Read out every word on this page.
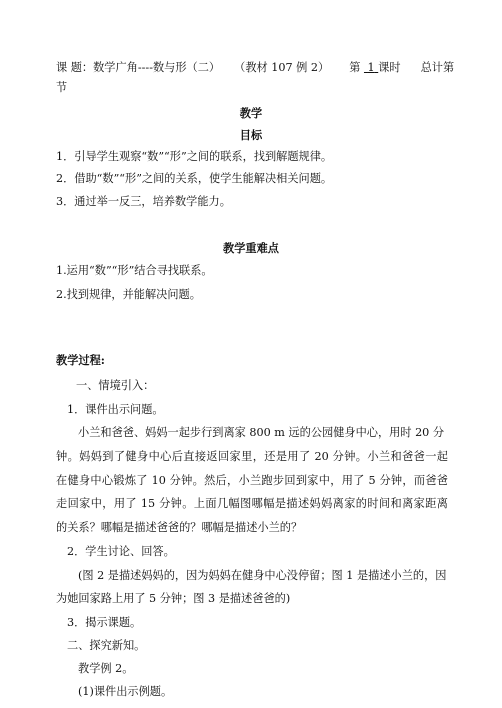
课 题：数学广角----数与形（二） （教材 107 例 2） 第 1 课时 总计第
节
教学
目标
1．引导学生观察“数”“形”之间的联系，找到解题规律。
2．借助“数”“形”之间的关系，使学生能解决相关问题。
3．通过举一反三，培养数学能力。
教学重难点
1.运用“数”“形”结合寻找联系。
2.找到规律，并能解决问题。
教学过程:
一、情境引入：
1．课件出示问题。
小兰和爸爸、妈妈一起步行到离家 800 m 远的公园健身中心，用时 20 分
钟。妈妈到了健身中心后直接返回家里，还是用了 20 分钟。小兰和爸爸一起
在健身中心锻炼了 10 分钟。然后，小兰跑步回到家中，用了 5 分钟，而爸爸
走回家中，用了 15 分钟。上面几幅图哪幅是描述妈妈离家的时间和离家距离
的关系？哪幅是描述爸爸的？哪幅是描述小兰的？
2．学生讨论、回答。
(图 2 是描述妈妈的，因为妈妈在健身中心没停留；图 1 是描述小兰的，因
为她回家路上用了 5 分钟；图 3 是描述爸爸的)
3．揭示课题。
二、探究新知。
教学例 2。
(1)课件出示例题。
